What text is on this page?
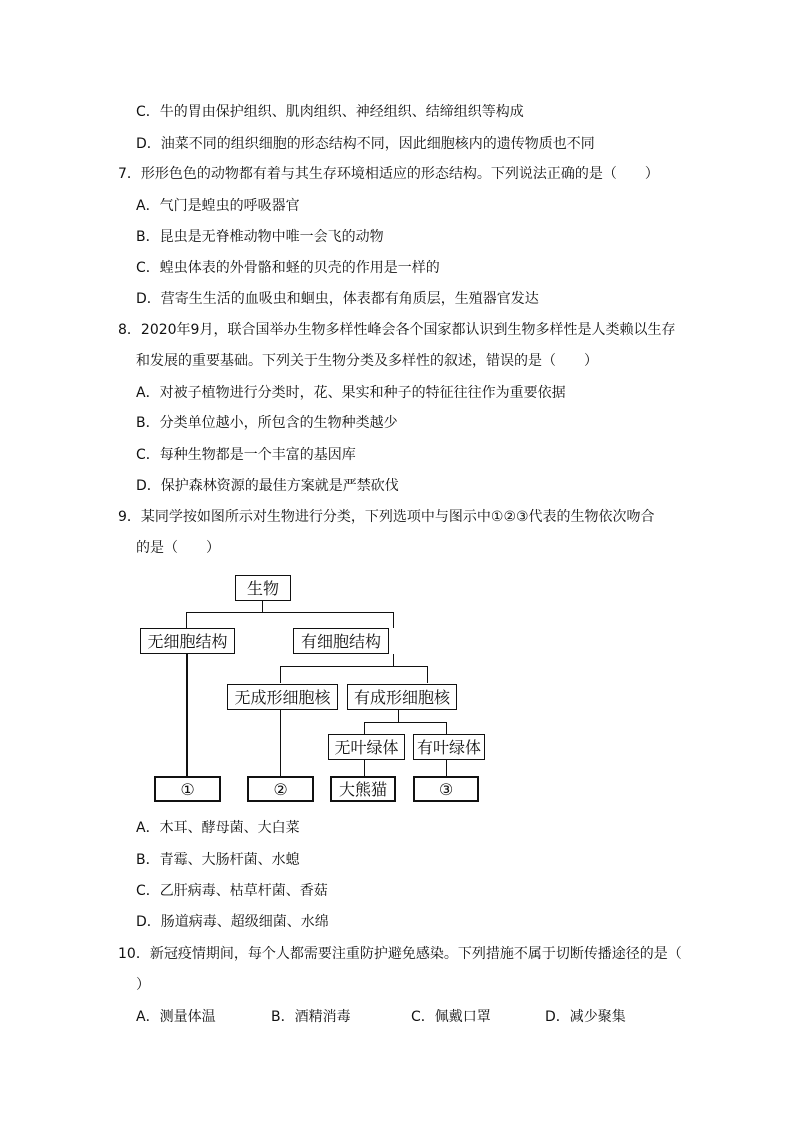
C．牛的胃由保护组织、肌肉组织、神经组织、结缔组织等构成
D．油菜不同的组织细胞的形态结构不同，因此细胞核内的遗传物质也不同
7．形形色色的动物都有着与其生存环境相适应的形态结构。下列说法正确的是（　　）
A．气门是蝗虫的呼吸器官
B．昆虫是无脊椎动物中唯一会飞的动物
C．蝗虫体表的外骨骼和蛏的贝壳的作用是一样的
D．营寄生生活的血吸虫和蛔虫，体表都有角质层，生殖器官发达
8．2020年9月，联合国举办生物多样性峰会各个国家都认识到生物多样性是人类赖以生存
和发展的重要基础。下列关于生物分类及多样性的叙述，错误的是（　　）
A．对被子植物进行分类时，花、果实和种子的特征往往作为重要依据
B．分类单位越小，所包含的生物种类越少
C．每种生物都是一个丰富的基因库
D．保护森林资源的最佳方案就是严禁砍伐
9．某同学按如图所示对生物进行分类，下列选项中与图示中①②③代表的生物依次吻合
的是（　　）
生物
无细胞结构	有细胞结构
无成形细胞核	有成形细胞核
无叶绿体	有叶绿体
①	②	大熊猫	③
A．木耳、酵母菌、大白菜
B．青霉、大肠杆菌、水螅
C．乙肝病毒、枯草杆菌、香菇
D．肠道病毒、超级细菌、水绵
10．新冠疫情期间，每个人都需要注重防护避免感染。下列措施不属于切断传播途径的是（
）
A．测量体温	B．酒精消毒	C．佩戴口罩	D．减少聚集
